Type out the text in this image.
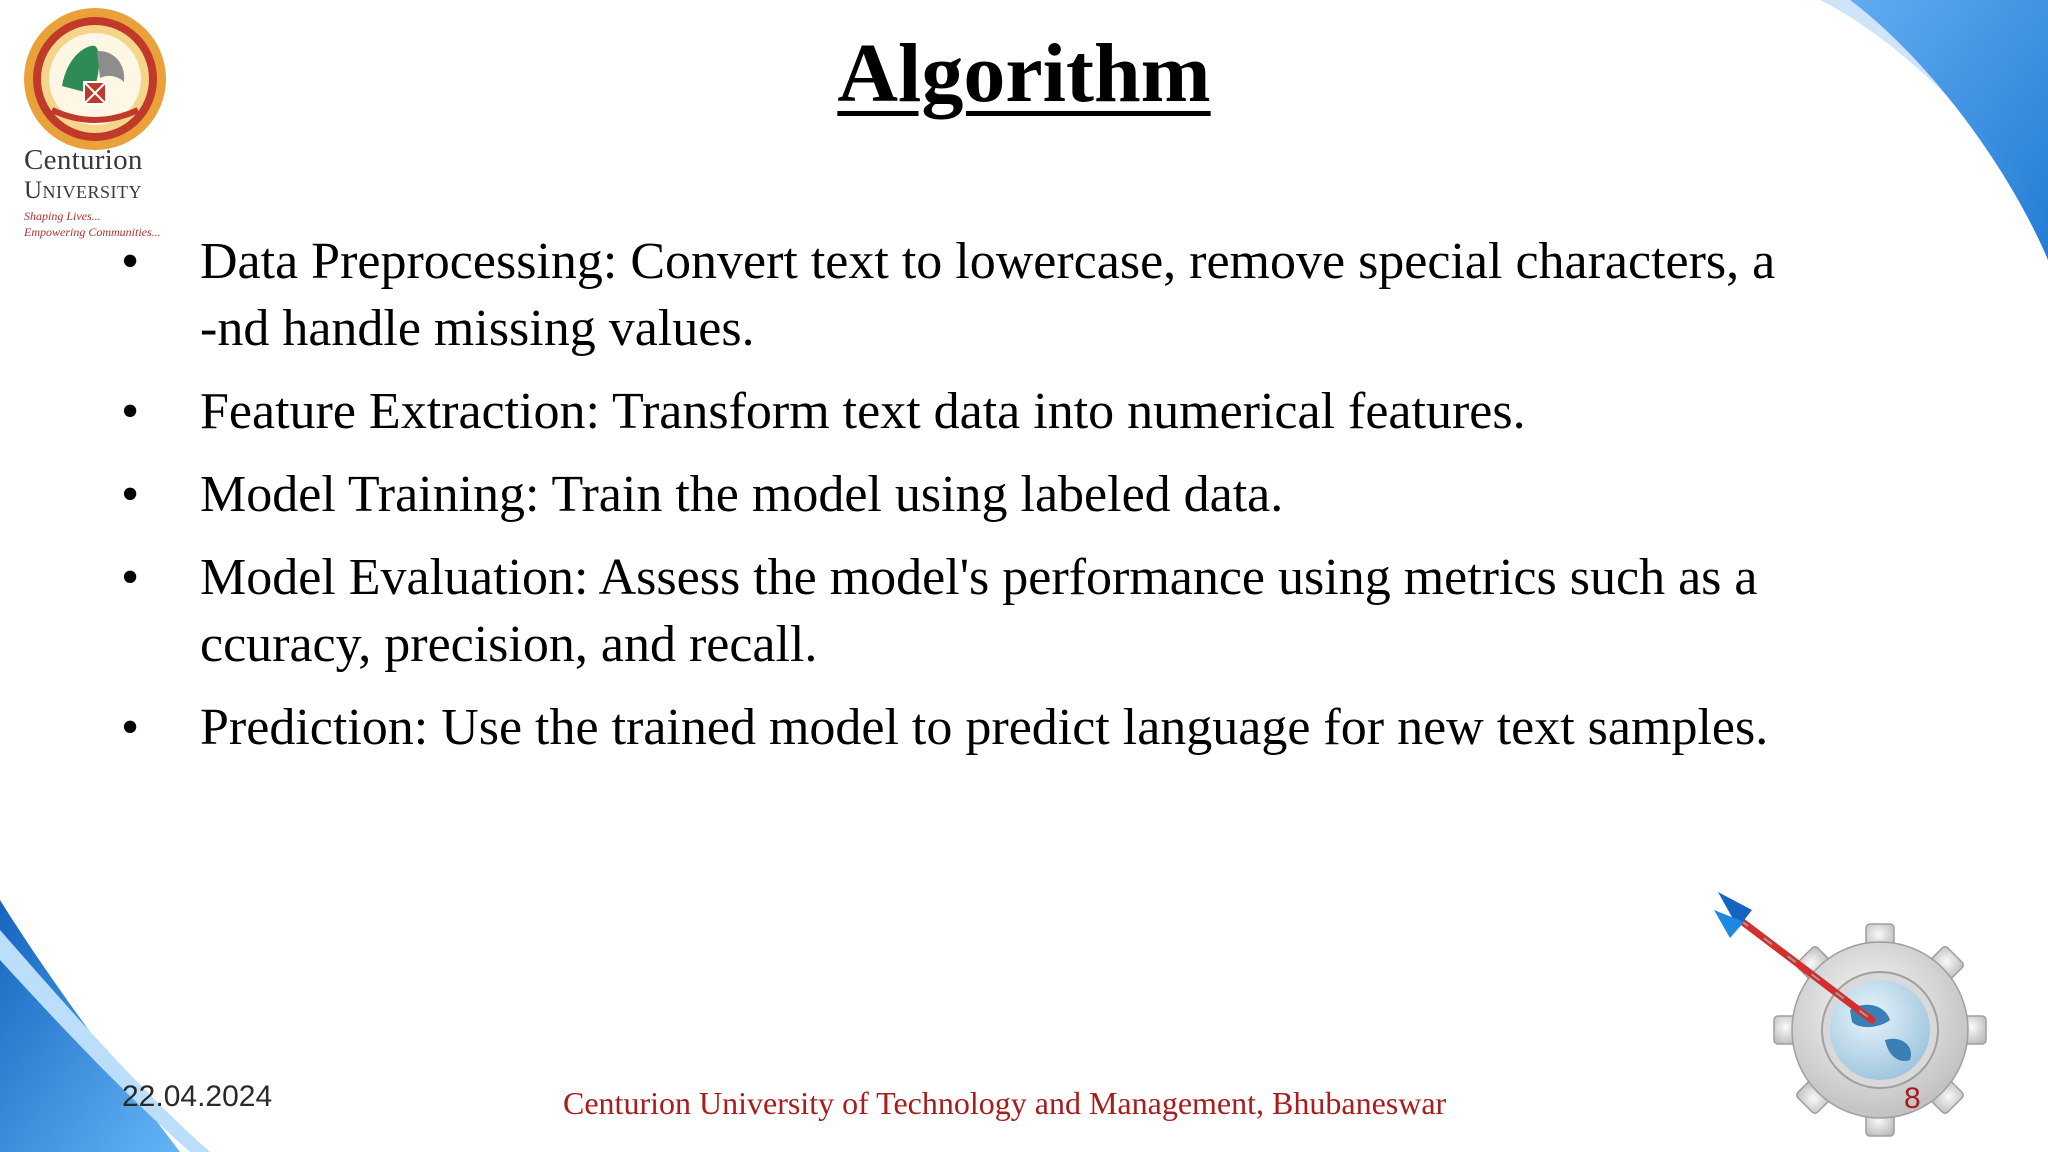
Centurion
University
Shaping Lives...
Empowering Communities...
Algorithm
• Data Preprocessing: Convert text to lowercase, remove special characters, a
-nd handle missing values.
• Feature Extraction: Transform text data into numerical features.
• Model Training: Train the model using labeled data.
• Model Evaluation: Assess the model's performance using metrics such as a
ccuracy, precision, and recall.
• Prediction: Use the trained model to predict language for new text samples.
22.04.2024	Centurion University of Technology and Management, Bhubaneswar	8
